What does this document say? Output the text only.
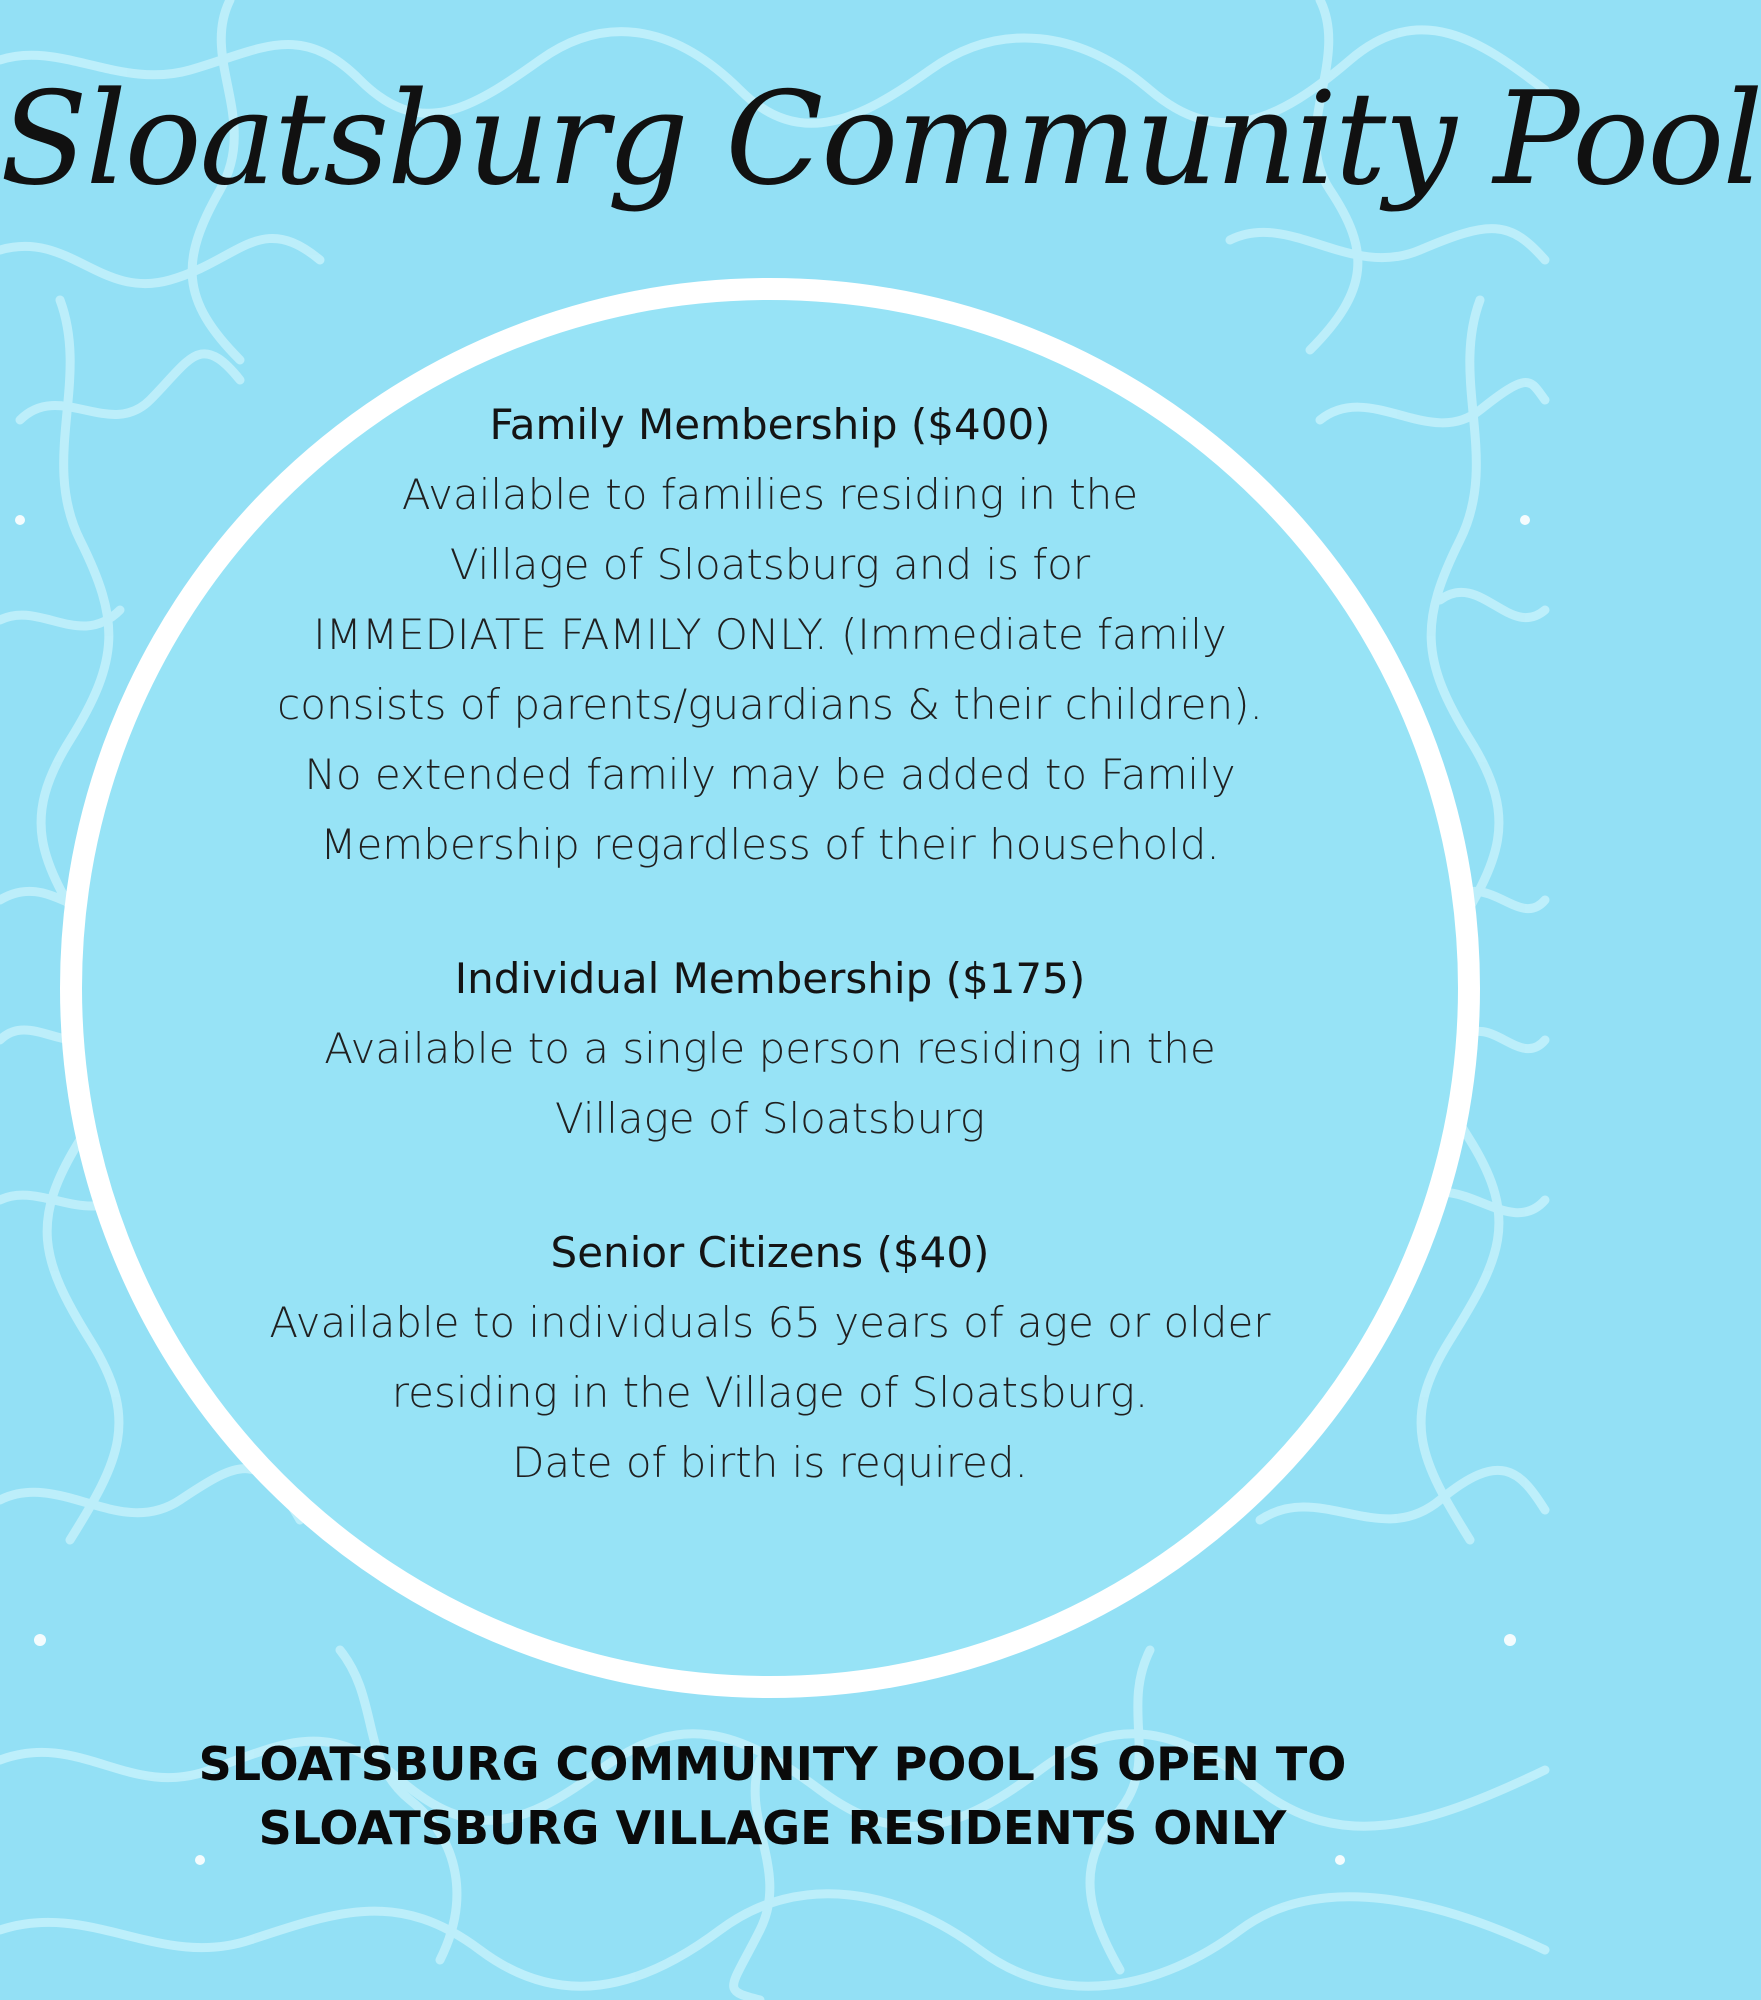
Sloatsburg Community Pool
Family Membership ($400)
Available to families residing in the
Village of Sloatsburg and is for
IMMEDIATE FAMILY ONLY. (Immediate family
consists of parents/guardians & their children).
No extended family may be added to Family
Membership regardless of their household.
Individual Membership ($175)
Available to a single person residing in the
Village of Sloatsburg
Senior Citizens ($40)
Available to individuals 65 years of age or older
residing in the Village of Sloatsburg.
Date of birth is required.
SLOATSBURG COMMUNITY POOL IS OPEN TO
SLOATSBURG VILLAGE RESIDENTS ONLY
